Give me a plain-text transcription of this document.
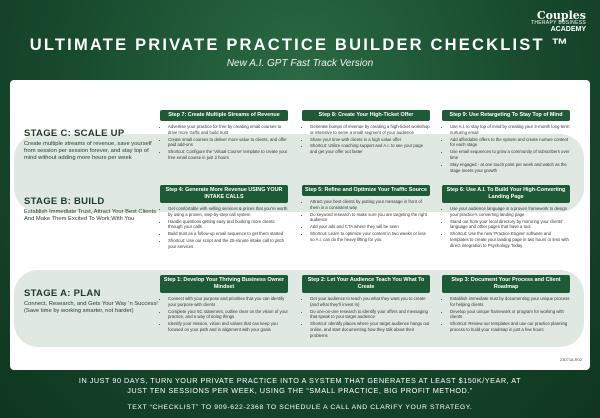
Couples
THERAPY BUSINESS
ACADEMY
ULTIMATE PRIVATE PRACTICE BUILDER CHECKLIST ™
New A.I. GPT Fast Track Version
STAGE C: SCALE UP
Create multiple streams of revenue, save yourself from session per session forever, and stay top of mind without adding more hours per week
Step 7: Create Multiple Streams of Revenue
• Advertise your practice for free by creating email courses to drive more traffic and build trust
• Create small courses to deliver more value to clients, and offer paid add-ons
• Shortcut: Configure the 'Virtual Course' template to create your free email course in just 2 hours
Step 8: Create Your High-Ticket Offer
• Generate bumps of revenue by creating a high-ticket workshop or intensive to serve a small segment of your audience
• Share your time with clients in a high value offer
• Shortcut: Utilize coaching support and A.I. to see your page and get your offer out faster
Step 9: Use Retargeting To Stay Top of Mind
• Use A.I. to stay top of mind by creating your 3-month long-term nurturing email
• Add affordable offers to the system and create nurture content for each stage
• Use email sequences to grow a community of subscribers over time
• Stay engaged - at one touch point per week and watch as the stage meets your growth
STAGE B: BUILD
Establish Immediate Trust, Attract Your Best Clients And Make Them Excited To Work With You
Step 4: Generate More Revenue USING YOUR INTAKE CALLS
• Get comfortable with selling services & prices that you’re worth by using a proven, step-by-step call system
• Handle questions getting easy and booking more clients through your calls
• Build trust as a follow-up email sequence to get them started
• Shortcut: Use our script and the 25-minute intake call to pitch your services
Step 5: Refine and Optimize Your Traffic Source
• Attract your best clients by putting your message in front of them in a consistent way
• Do keyword research to make sure you are targeting the right audience
• Add your ads and CTA where they will be seen
• Shortcut: Learn to optimize your content in two weeks or less so A.I. can do the heavy lifting for you
Step 6: Use A.I. To Build Your High-Converting Landing Page
• Use your audience language in a proven framework to design your practice’s converting landing page
• Stand out from your local directory by mirroring your clients’ language and other pages that have a tool
• Shortcut: Use the new 'Practice Engine' software and templates to create your landing page in two hours or less with direct integration to Psychology Today
STAGE A: PLAN
Connect, Research, and Gets Your Way ‘n Success!(Save time by working smarter, not harder)
Step 1: Develop Your Thriving Business Owner Mindset
• Connect with your purpose and priorities that you can identify your purpose with clients
• Complete your 5C statement, outline clear on the vision of your practice, and a way of doing things
• Identify your mission, vision and values that can keep you focused on your path and in alignment with your goals
Step 2: Let Your Audience Teach You What To Create
• Get your audience to teach you what they want you to create (and what they’ll invest in)
• Do one-on-one research to identify your offers and messaging that speak to your target audience
• Shortcut: Identify places where your target audience hangs out online, and start documenting how they talk about their problems
Step 3: Document Your Process and Client Roadmap
• Establish immediate trust by documenting your unique process for helping clients
• Develop your unique framework or program for working with clients
• Shortcut: Review our templates and use our practice planning process to build your roadmap in just a few hours
230718-R02
IN JUST 90 DAYS, TURN YOUR PRIVATE PRACTICE INTO A SYSTEM THAT GENERATES AT LEAST $150K/YEAR, AT
JUST TEN SESSIONS PER WEEK, USING THE “SMALL PRACTICE, BIG PROFIT METHOD.”
TEXT “CHECKLIST” TO 909-622-2368 TO SCHEDULE A CALL AND CLARIFY YOUR STRATEGY.
